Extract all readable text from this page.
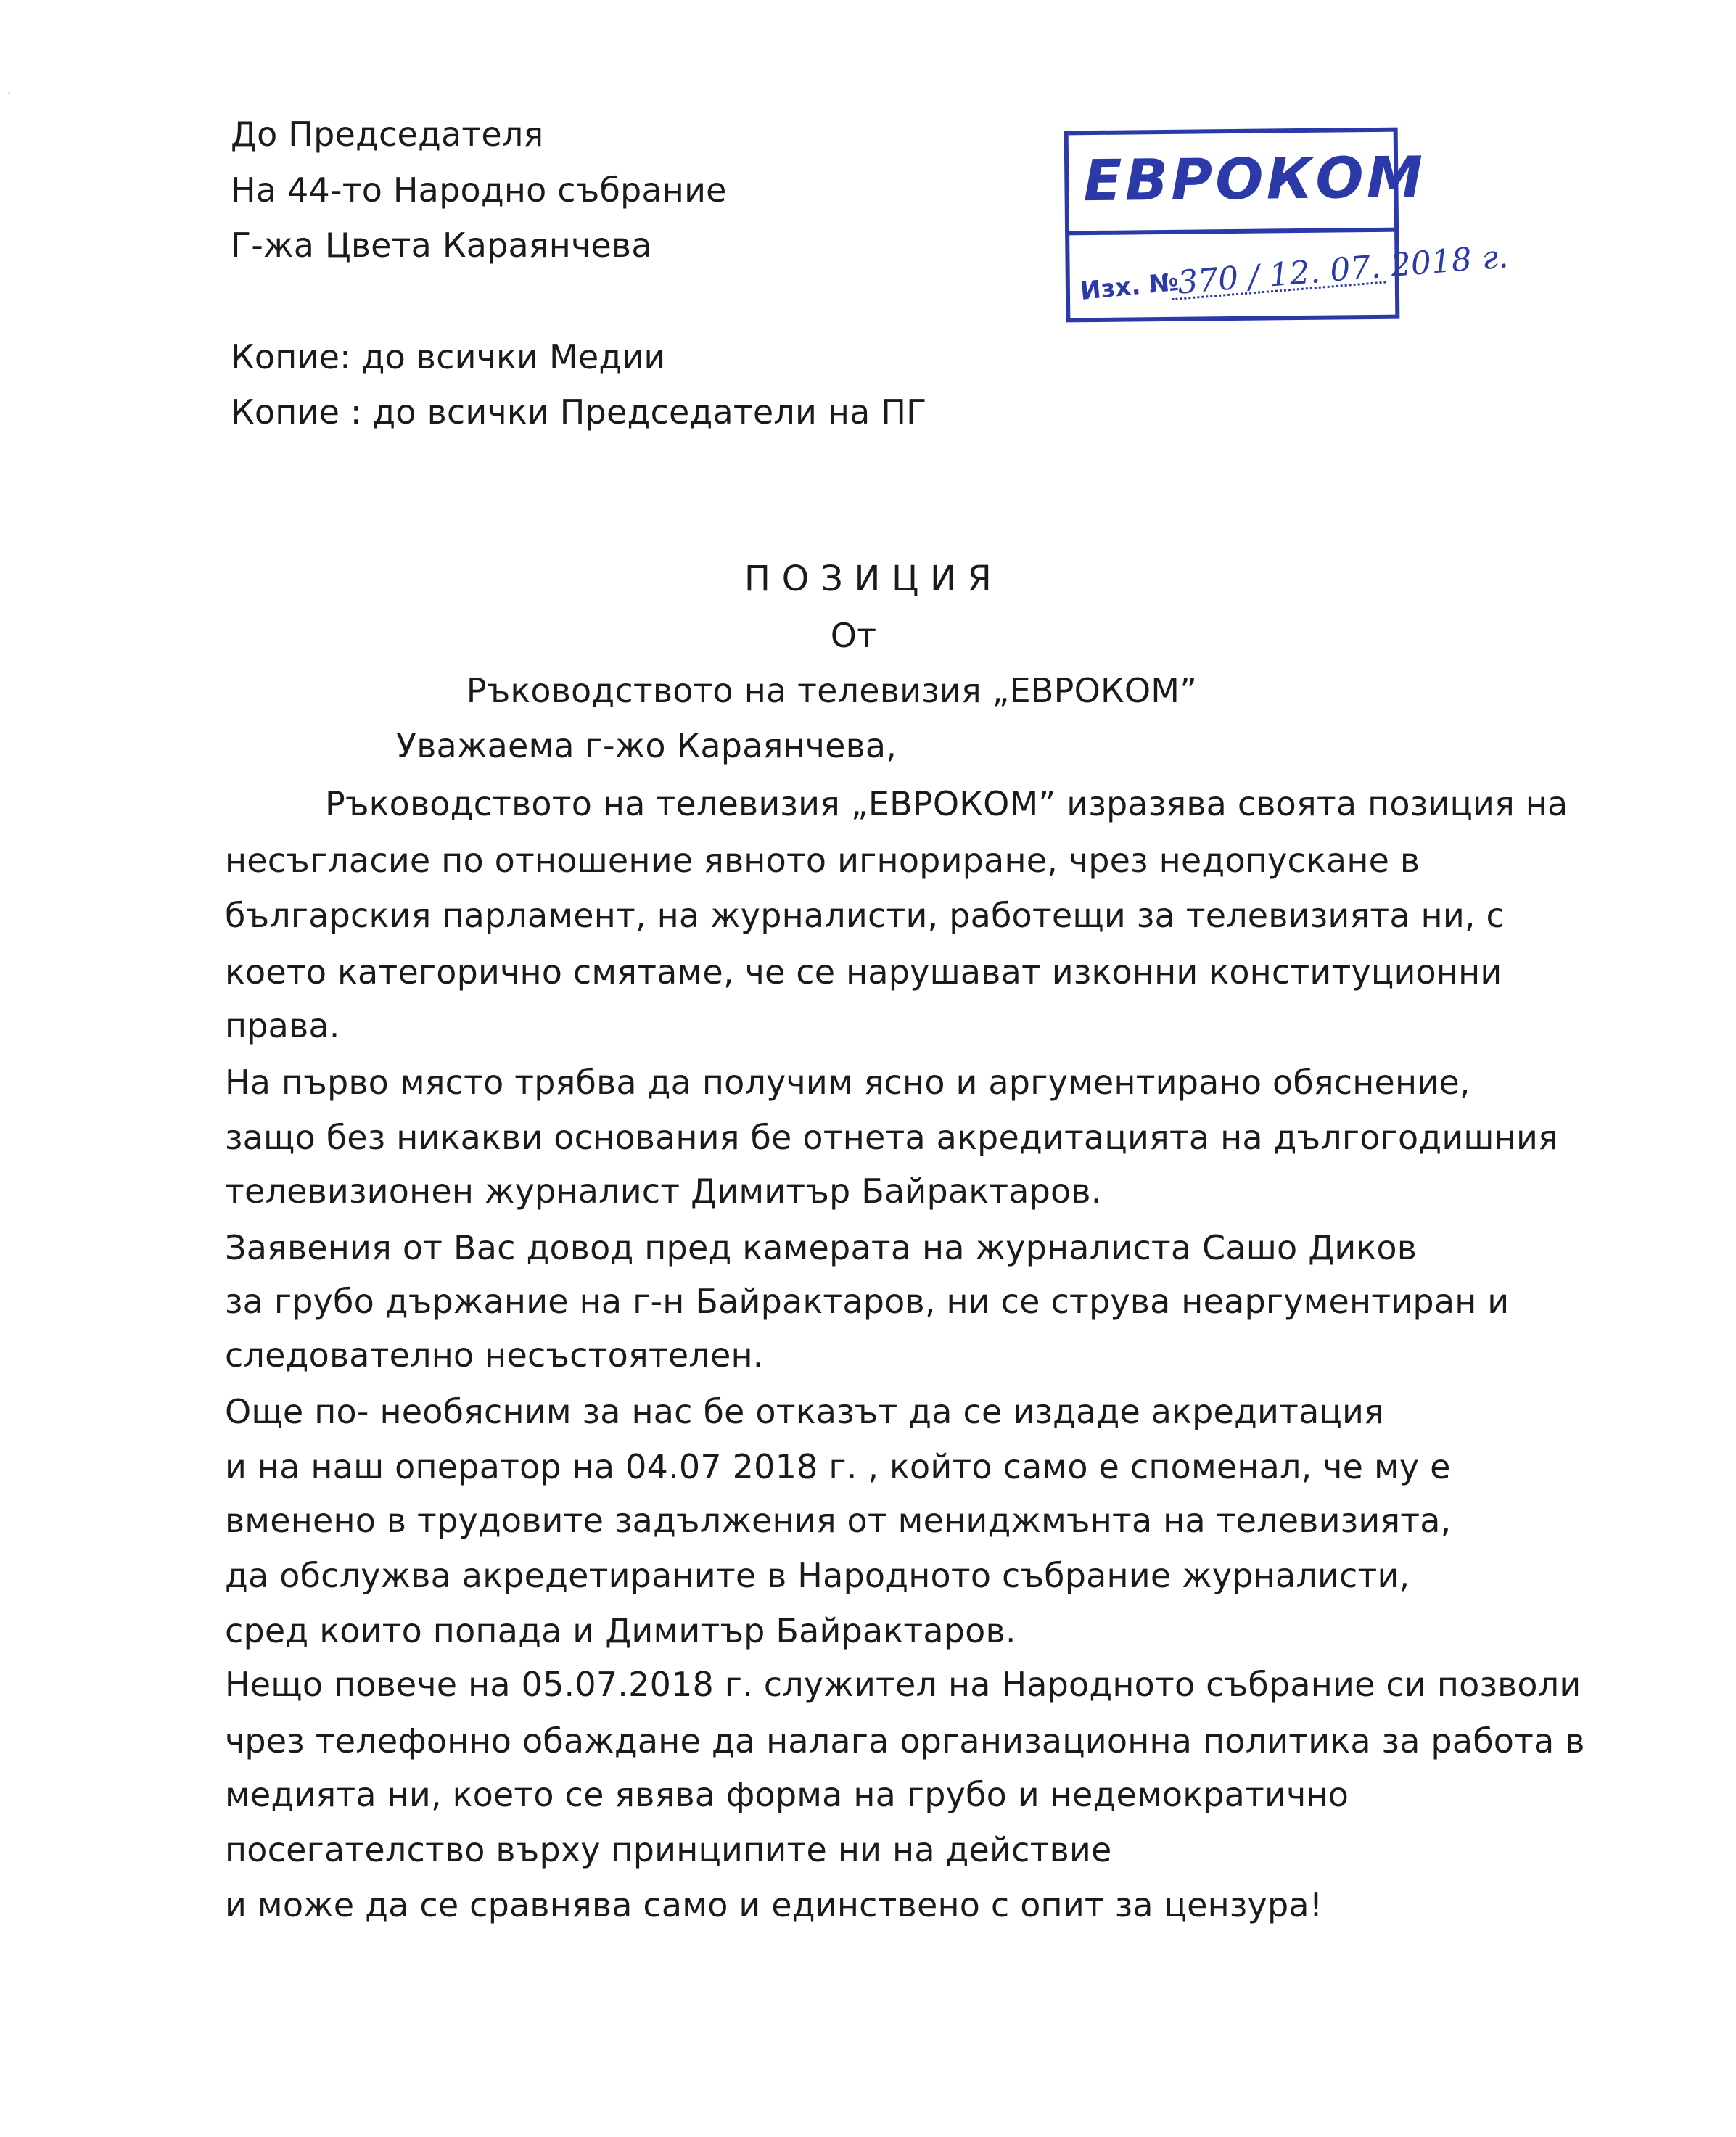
·
До Председателя
На 44-то Народно събрание
Г-жа Цвета Караянчева
Копие: до всички Медии
Копие : до всички Председатели на ПГ
ЕВРОКОМ
Изх. №
370 / 12. 07. 2018 г.
П О З И Ц И Я
От
Ръководството на телевизия „ЕВРОКОМ”
Уважаема г-жо Караянчева,
Ръководството на телевизия „ЕВРОКОМ” изразява своята позиция на
несъгласие по отношение явното игнориране, чрез недопускане в
българския парламент, на журналисти, работещи за телевизията ни, с
което категорично смятаме, че се нарушават изконни конституционни
права.
На първо място трябва да получим ясно и аргументирано обяснение,
защо без никакви основания бе отнета акредитацията на дългогодишния
телевизионен журналист Димитър Байрактаров.
Заявения от Вас довод пред камерата на журналиста Сашо Диков
за грубо държание на г-н Байрактаров, ни се струва неаргументиран и
следователно несъстоятелен.
Още по- необясним за нас бе отказът да се издаде акредитация
и на наш оператор на 04.07 2018 г. , който само е споменал, че му е
вменено в трудовите задължения от мениджмънта на телевизията,
да обслужва акредетираните в Народното събрание журналисти,
сред които попада и Димитър Байрактаров.
Нещо повече на 05.07.2018 г. служител на Народното събрание си позволи
чрез телефонно обаждане да налага организационна политика за работа в
медията ни, което се явява форма на грубо и недемократично
посегателство върху принципите ни на действие
и може да се сравнява само и единствено с опит за цензура!
